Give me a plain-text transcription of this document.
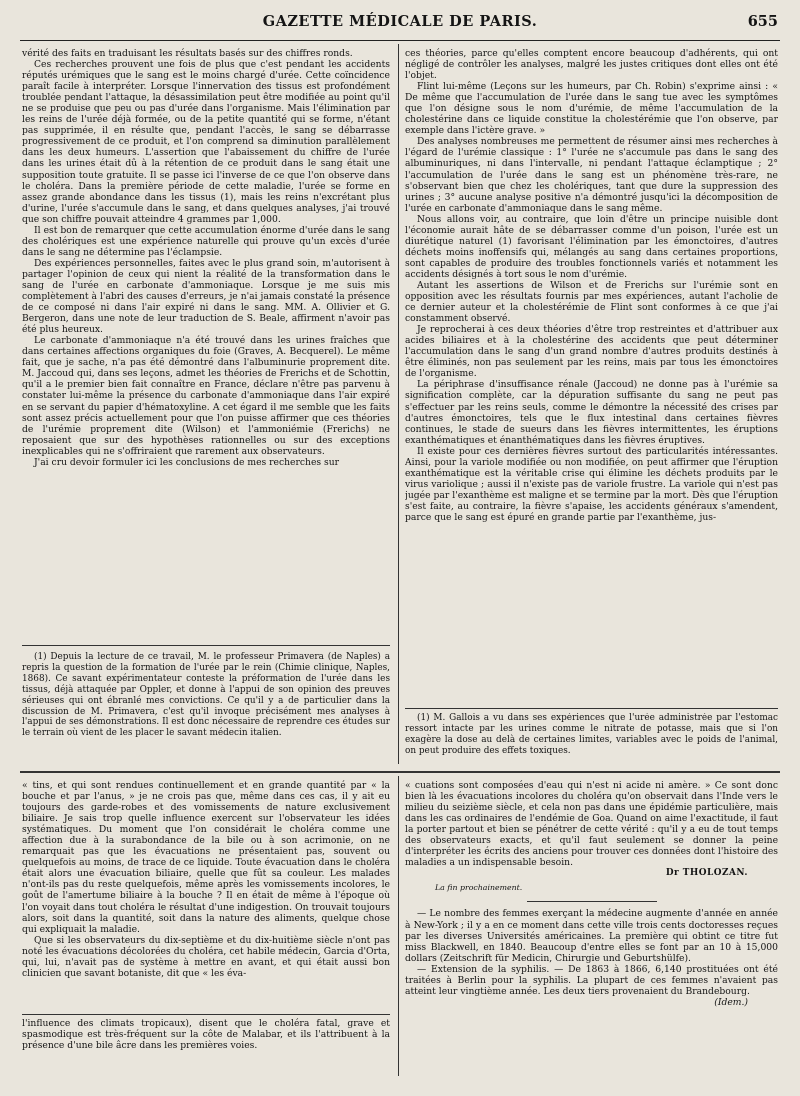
GAZETTE MÉDICALE DE PARIS.	655

vérité des faits en traduisant les résultats basés sur des chiffres ronds.

Ces recherches prouvent une fois de plus que c'est pendant les accidents réputés urémiques que le sang est le moins chargé d'urée. Cette coïncidence paraît facile à interpréter. Lorsque l'innervation des tissus est profondément troublée pendant l'attaque, la désassimilation peut être modifiée au point qu'il ne se produise que peu ou pas d'urée dans l'organisme. Mais l'élimination par les reins de l'urée déjà formée, ou de la petite quantité qui se forme, n'étant pas supprimée, il en résulte que, pendant l'accès, le sang se débarrasse progressivement de ce produit, et l'on comprend sa diminution parallèlement dans les deux humeurs. L'assertion que l'abaissement du chiffre de l'urée dans les urines était dû à la rétention de ce produit dans le sang était une supposition toute gratuite. Il se passe ici l'inverse de ce que l'on observe dans le choléra. Dans la première période de cette maladie, l'urée se forme en assez grande abondance dans les tissus (1), mais les reins n'excrétant plus d'urine, l'urée s'accumule dans le sang, et dans quelques analyses, j'ai trouvé que son chiffre pouvait atteindre 4 grammes par 1,000.

Il est bon de remarquer que cette accumulation énorme d'urée dans le sang des cholériques est une expérience naturelle qui prouve qu'un excès d'urée dans le sang ne détermine pas l'éclampsie.

Des expériences personnelles, faites avec le plus grand soin, m'autorisent à partager l'opinion de ceux qui nient la réalité de la transformation dans le sang de l'urée en carbonate d'ammoniaque. Lorsque je me suis mis complètement à l'abri des causes d'erreurs, je n'ai jamais constaté la présence de ce composé ni dans l'air expiré ni dans le sang. MM. A. Ollivier et G. Bergeron, dans une note de leur traduction de S. Beale, affirment n'avoir pas été plus heureux.

Le carbonate d'ammoniaque n'a été trouvé dans les urines fraîches que dans certaines affections organiques du foie (Graves, A. Becquerel). Le même fait, que je sache, n'a pas été démontré dans l'albuminurie proprement dite. M. Jaccoud qui, dans ses leçons, admet les théories de Frerichs et de Schottin, qu'il a le premier bien fait connaître en France, déclare n'être pas parvenu à constater lui-même la présence du carbonate d'ammoniaque dans l'air expiré en se servant du papier d'hématoxyline. A cet égard il me semble que les faits sont assez précis actuellement pour que l'on puisse affirmer que ces théories de l'urémie proprement dite (Wilson) et l'ammoniémie (Frerichs) ne reposaient que sur des hypothèses rationnelles ou sur des exceptions inexplicables qui ne s'offriraient que rarement aux observateurs.

J'ai cru devoir formuler ici les conclusions de mes recherches sur

(1) Depuis la lecture de ce travail, M. le professeur Primavera (de Naples) a repris la question de la formation de l'urée par le rein (Chimie clinique, Naples, 1868). Ce savant expérimentateur conteste la préformation de l'urée dans les tissus, déjà attaquée par Oppler, et donne à l'appui de son opinion des preuves sérieuses qui ont ébranlé mes convictions. Ce qu'il y a de particulier dans la discussion de M. Primavera, c'est qu'il invoque précisément mes analyses à l'appui de ses démonstrations. Il est donc nécessaire de reprendre ces études sur le terrain où vient de les placer le savant médecin italien.

ces théories, parce qu'elles comptent encore beaucoup d'adhérents, qui ont négligé de contrôler les analyses, malgré les justes critiques dont elles ont été l'objet.

Flint lui-même (Leçons sur les humeurs, par Ch. Robin) s'exprime ainsi : « De même que l'accumulation de l'urée dans le sang tue avec les symptômes que l'on désigne sous le nom d'urémie, de même l'accumulation de la cholestérine dans ce liquide constitue la cholestérémie que l'on observe, par exemple dans l'ictère grave. »

Des analyses nombreuses me permettent de résumer ainsi mes recherches à l'égard de l'urémie classique : 1° l'urée ne s'accumule pas dans le sang des albuminuriques, ni dans l'intervalle, ni pendant l'attaque éclamptique ; 2° l'accumulation de l'urée dans le sang est un phénomène très-rare, ne s'observant bien que chez les cholériques, tant que dure la suppression des urines ; 3° aucune analyse positive n'a démontré jusqu'ici la décomposition de l'urée en carbonate d'ammoniaque dans le sang même.

Nous allons voir, au contraire, que loin d'être un principe nuisible dont l'économie aurait hâte de se débarrasser comme d'un poison, l'urée est un diurétique naturel (1) favorisant l'élimination par les émonctoires, d'autres déchets moins inoffensifs qui, mélangés au sang dans certaines proportions, sont capables de produire des troubles fonctionnels variés et notamment les accidents désignés à tort sous le nom d'urémie.

Autant les assertions de Wilson et de Frerichs sur l'urémie sont en opposition avec les résultats fournis par mes expériences, autant l'acholie de ce dernier auteur et la cholestérémie de Flint sont conformes à ce que j'ai constamment observé.

Je reprocherai à ces deux théories d'être trop restreintes et d'attribuer aux acides biliaires et à la cholestérine des accidents que peut déterminer l'accumulation dans le sang d'un grand nombre d'autres produits destinés à être éliminés, non pas seulement par les reins, mais par tous les émonctoires de l'organisme.

La périphrase d'insuffisance rénale (Jaccoud) ne donne pas à l'urémie sa signification complète, car la dépuration suffisante du sang ne peut pas s'effectuer par les reins seuls, comme le démontre la nécessité des crises par d'autres émonctoires, tels que le flux intestinal dans certaines fièvres continues, le stade de sueurs dans les fièvres intermittentes, les éruptions exanthématiques et énanthématiques dans les fièvres éruptives.

Il existe pour ces dernières fièvres surtout des particularités intéressantes. Ainsi, pour la variole modifiée ou non modifiée, on peut affirmer que l'éruption exanthématique est la véritable crise qui élimine les déchets produits par le virus variolique ; aussi il n'existe pas de variole frustre. La variole qui n'est pas jugée par l'exanthème est maligne et se termine par la mort. Dès que l'éruption s'est faite, au contraire, la fièvre s'apaise, les accidents généraux s'amendent, parce que le sang est épuré en grande partie par l'exanthème, jus-

(1) M. Gallois a vu dans ses expériences que l'urée administrée par l'estomac ressort intacte par les urines comme le nitrate de potasse, mais que si l'on exagère la dose au delà de certaines limites, variables avec le poids de l'animal, on peut produire des effets toxiques.

« tins, et qui sont rendues continuellement et en grande quantité par « la bouche et par l'anus, » je ne crois pas que, même dans ces cas, il y ait eu toujours des garde-robes et des vomissements de nature exclusivement biliaire. Je sais trop quelle influence exercent sur l'observateur les idées systématiques. Du moment que l'on considérait le choléra comme une affection due à la surabondance de la bile ou à son acrimonie, on ne remarquait pas que les évacuations ne présentaient pas, souvent ou quelquefois au moins, de trace de ce liquide. Toute évacuation dans le choléra était alors une évacuation biliaire, quelle que fût sa couleur. Les malades n'ont-ils pas du reste quelquefois, même après les vomissements incolores, le goût de l'amertume biliaire à la bouche ? Il en était de même à l'époque où l'on voyait dans tout choléra le résultat d'une indigestion. On trouvait toujours alors, soit dans la quantité, soit dans la nature des aliments, quelque chose qui expliquait la maladie.

Que si les observateurs du dix-septième et du dix-huitième siècle n'ont pas noté les évacuations décolorées du choléra, cet habile médecin, Garcia d'Orta, qui, lui, n'avait pas de système à mettre en avant, et qui était aussi bon clinicien que savant botaniste, dit que « les éva-

l'influence des climats tropicaux), disent que le choléra fatal, grave et spasmodique est très-fréquent sur la côte de Malabar, et ils l'attribuent à la présence d'une bile âcre dans les premières voies.

« cuations sont composées d'eau qui n'est ni acide ni amère. » Ce sont donc bien là les évacuations incolores du choléra qu'on observait dans l'Inde vers le milieu du seizième siècle, et cela non pas dans une épidémie particulière, mais dans les cas ordinaires de l'endémie de Goa. Quand on aime l'exactitude, il faut la porter partout et bien se pénétrer de cette vérité : qu'il y a eu de tout temps des observateurs exacts, et qu'il faut seulement se donner la peine d'interpréter les écrits des anciens pour trouver ces données dont l'histoire des maladies a un indispensable besoin.

Dr THOLOZAN.

La fin prochainement.

— Le nombre des femmes exerçant la médecine augmente d'année en année à New-York ; il y a en ce moment dans cette ville trois cents doctoresses reçues par les diverses Universités américaines. La première qui obtint ce titre fut miss Blackwell, en 1840. Beaucoup d'entre elles se font par an 10 à 15,000 dollars (Zeitschrift für Medicin, Chirurgie und Geburtshülfe).

— Extension de la syphilis. — De 1863 à 1866, 6,140 prostituées ont été traitées à Berlin pour la syphilis. La plupart de ces femmes n'avaient pas atteint leur vingtième année. Les deux tiers provenaient du Brandebourg.

(Idem.)
